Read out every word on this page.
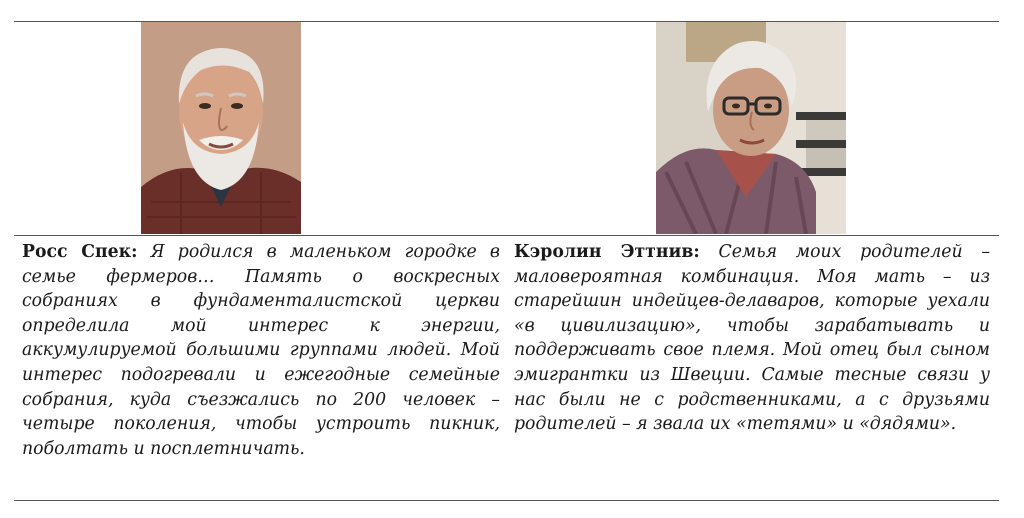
Росс Спек: Я родился в маленьком городке в семье фермеров… Память о воскресных собраниях в фундаменталистской церкви определила мой интерес к энергии, аккумулируемой большими группами людей. Мой интерес подогревали и ежегодные семейные собрания, куда съезжались по 200 человек – четыре поколения, чтобы устроить пикник, поболтать и посплетничать.
Кэролин Эттнив: Семья моих родителей – маловероятная комбинация. Моя мать – из старейшин индейцев-делаваров, которые уехали «в цивилизацию», чтобы зарабатывать и поддерживать свое племя. Мой отец был сыном эмигрантки из Швеции. Самые тесные связи у нас были не с родственниками, а с друзьями родителей – я звала их «тетями» и «дядями».
